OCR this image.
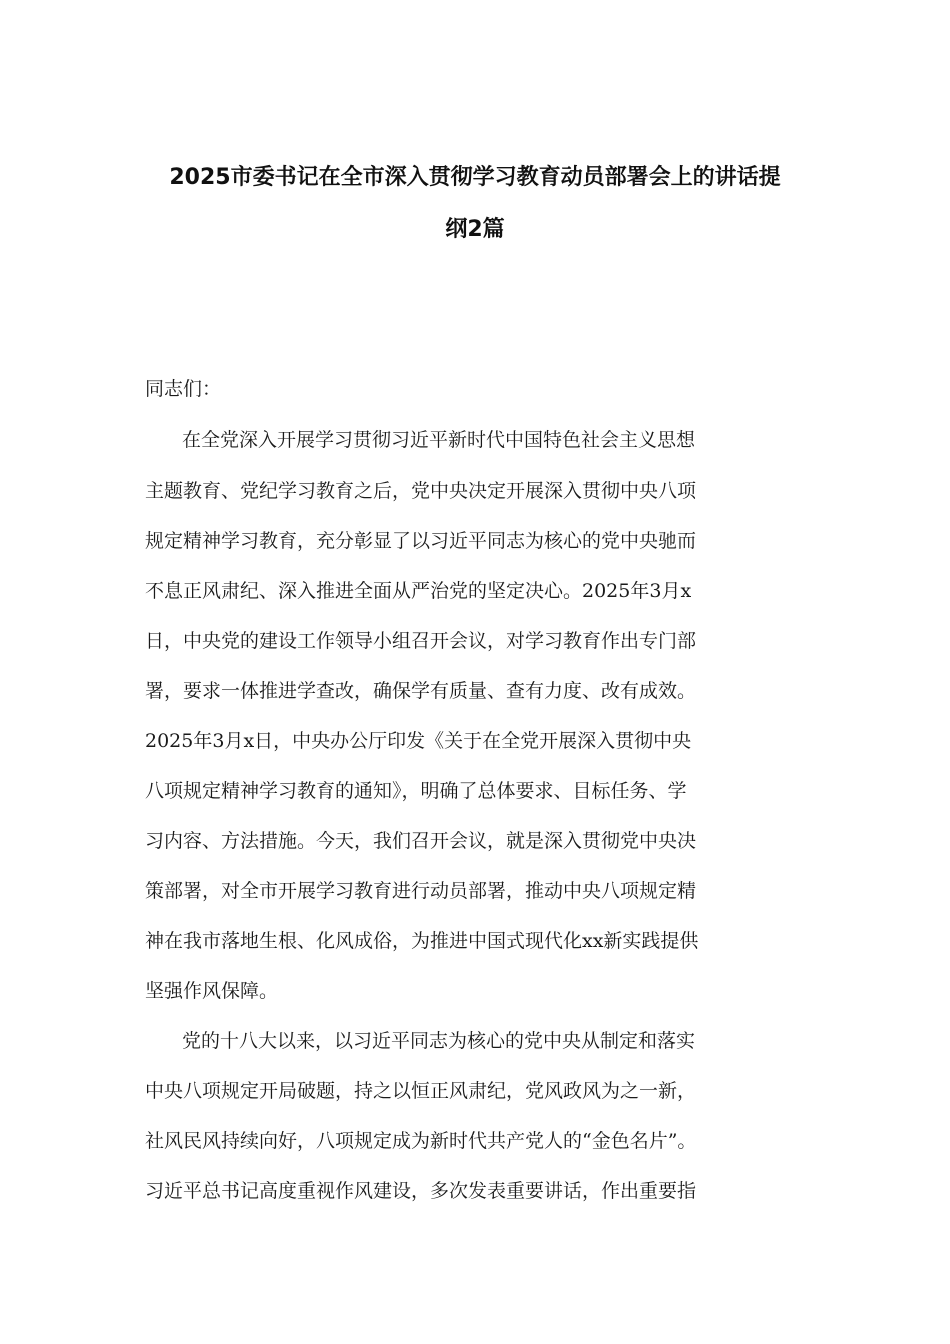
2025市委书记在全市深入贯彻学习教育动员部署会上的讲话提
纲2篇

同志们：

在全党深入开展学习贯彻习近平新时代中国特色社会主义思想

主题教育、党纪学习教育之后，党中央决定开展深入贯彻中央八项

规定精神学习教育，充分彰显了以习近平同志为核心的党中央驰而

不息正风肃纪、深入推进全面从严治党的坚定决心。2025年3月x

日，中央党的建设工作领导小组召开会议，对学习教育作出专门部

署，要求一体推进学查改，确保学有质量、查有力度、改有成效。

2025年3月x日，中央办公厅印发《关于在全党开展深入贯彻中央

八项规定精神学习教育的通知》，明确了总体要求、目标任务、学

习内容、方法措施。今天，我们召开会议，就是深入贯彻党中央决

策部署，对全市开展学习教育进行动员部署，推动中央八项规定精

神在我市落地生根、化风成俗，为推进中国式现代化xx新实践提供

坚强作风保障。

党的十八大以来，以习近平同志为核心的党中央从制定和落实

中央八项规定开局破题，持之以恒正风肃纪，党风政风为之一新，

社风民风持续向好，八项规定成为新时代共产党人的“金色名片”。

习近平总书记高度重视作风建设，多次发表重要讲话，作出重要指
